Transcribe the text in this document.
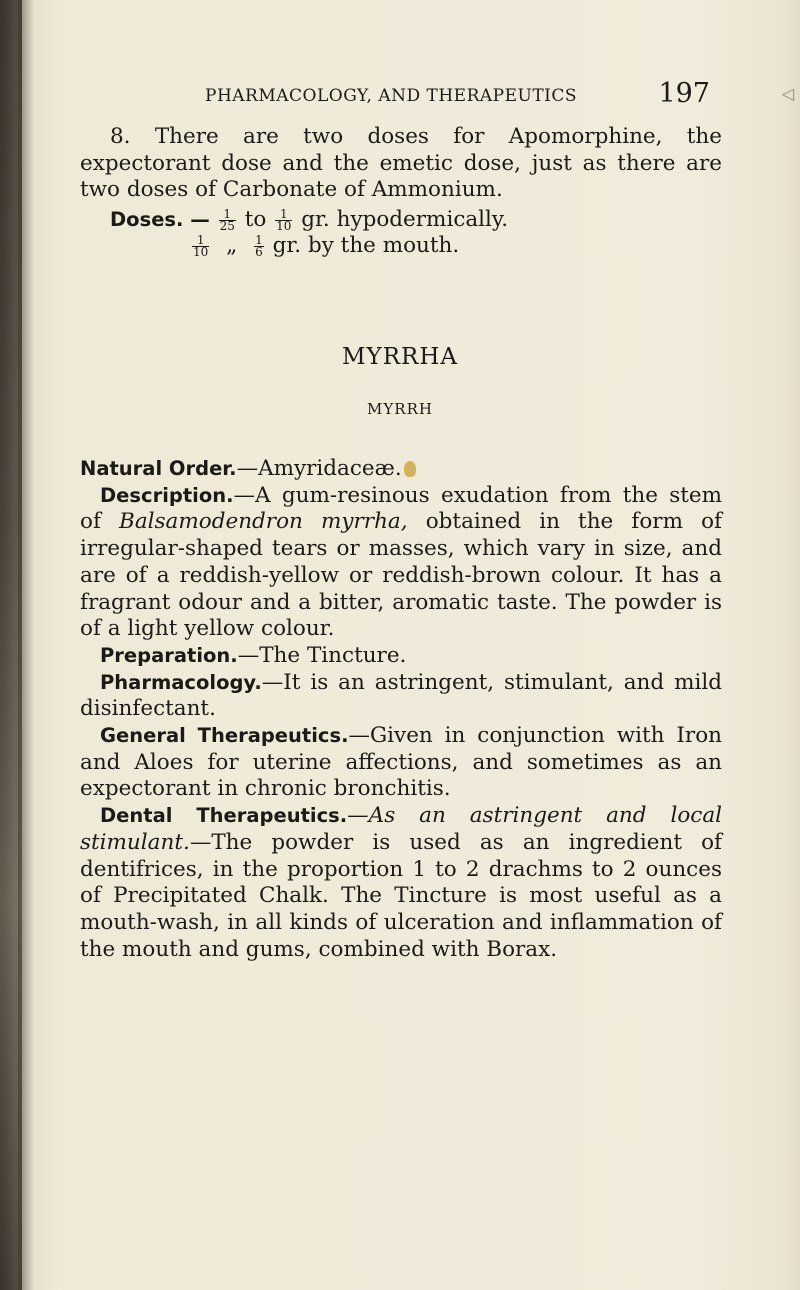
◁
PHARMACOLOGY, AND THERAPEUTICS	197

8. There are two doses for Apomorphine, the expectorant dose and the emetic dose, just as there are two doses of Carbonate of Ammonium.

Doses. — $\frac{1}{25}$ to $\frac{1}{10}$ gr. hypodermically.
$\frac{1}{10}$ „ $\frac{1}{6}$ gr. by the mouth.
MYRRHA
MYRRH

Natural Order.—Amyridaceæ.

Description.—A gum-resinous exudation from the stem of Balsamodendron myrrha, obtained in the form of irregular-shaped tears or masses, which vary in size, and are of a reddish-yellow or reddish-brown colour. It has a fragrant odour and a bitter, aromatic taste. The powder is of a light yellow colour.

Preparation.—The Tincture.

Pharmacology.—It is an astringent, stimulant, and mild disinfectant.

General Therapeutics.—Given in conjunction with Iron and Aloes for uterine affections, and sometimes as an expectorant in chronic bronchitis.

Dental Therapeutics.—As an astringent and local stimulant.—The powder is used as an ingredient of dentifrices, in the proportion 1 to 2 drachms to 2 ounces of Precipitated Chalk. The Tincture is most useful as a mouth-wash, in all kinds of ulceration and inflammation of the mouth and gums, combined with Borax.
